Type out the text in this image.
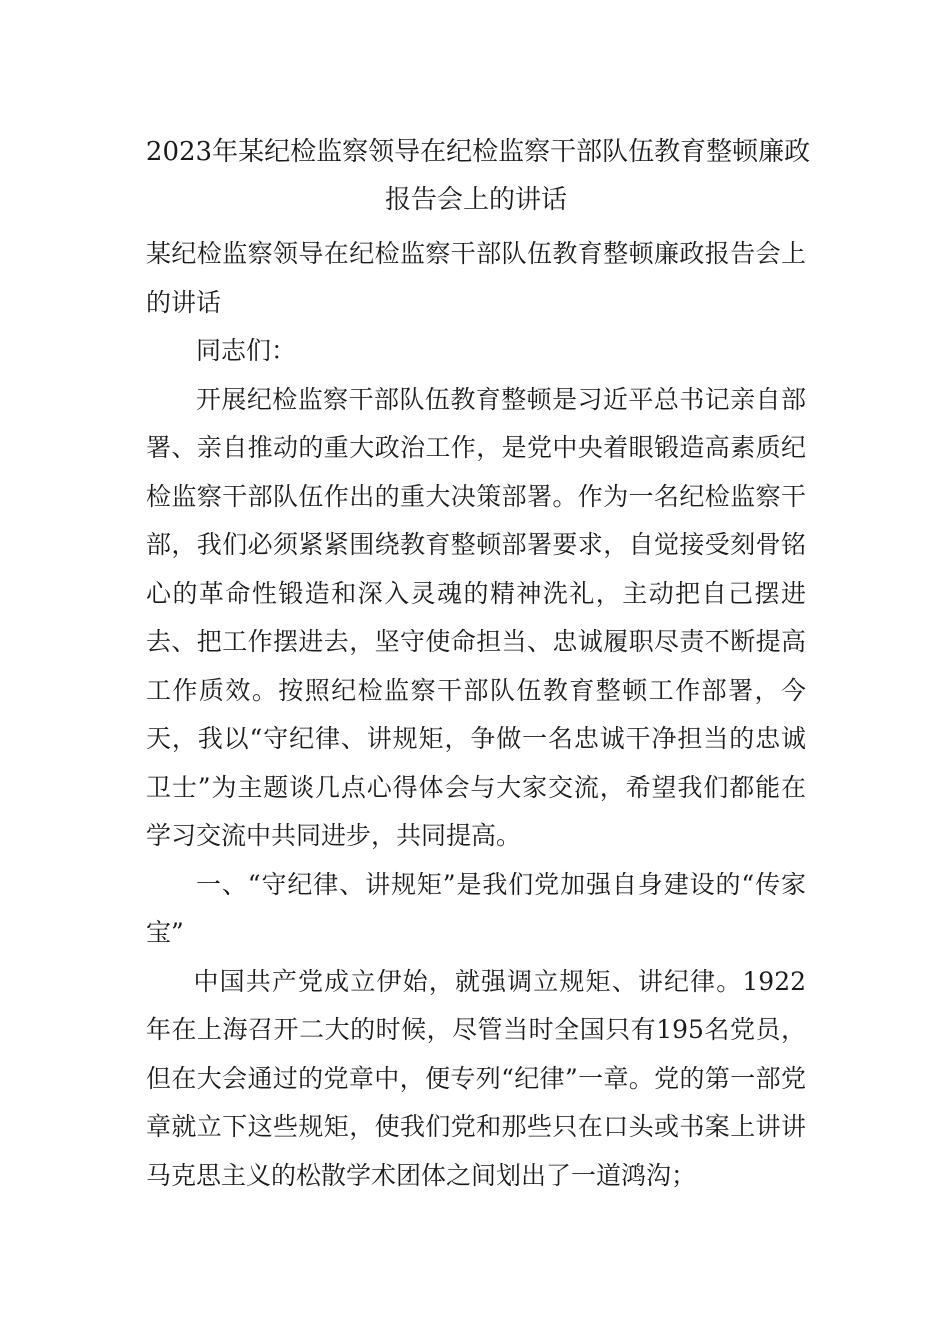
2023年某纪检监察领导在纪检监察干部队伍教育整顿廉政
报告会上的讲话

某纪检监察领导在纪检监察干部队伍教育整顿廉政报告会上的讲话

同志们：

开展纪检监察干部队伍教育整顿是习近平总书记亲自部署、亲自推动的重大政治工作，是党中央着眼锻造高素质纪检监察干部队伍作出的重大决策部署。作为一名纪检监察干部，我们必须紧紧围绕教育整顿部署要求，自觉接受刻骨铭心的革命性锻造和深入灵魂的精神洗礼，主动把自己摆进去、把工作摆进去，坚守使命担当、忠诚履职尽责不断提高工作质效。按照纪检监察干部队伍教育整顿工作部署，今天，我以“守纪律、讲规矩，争做一名忠诚干净担当的忠诚卫士”为主题谈几点心得体会与大家交流，希望我们都能在学习交流中共同进步，共同提高。

一、“守纪律、讲规矩”是我们党加强自身建设的“传家宝”

中国共产党成立伊始，就强调立规矩、讲纪律。1922年在上海召开二大的时候，尽管当时全国只有195名党员，但在大会通过的党章中，便专列“纪律”一章。党的第一部党章就立下这些规矩，使我们党和那些只在口头或书案上讲讲马克思主义的松散学术团体之间划出了一道鸿沟；
